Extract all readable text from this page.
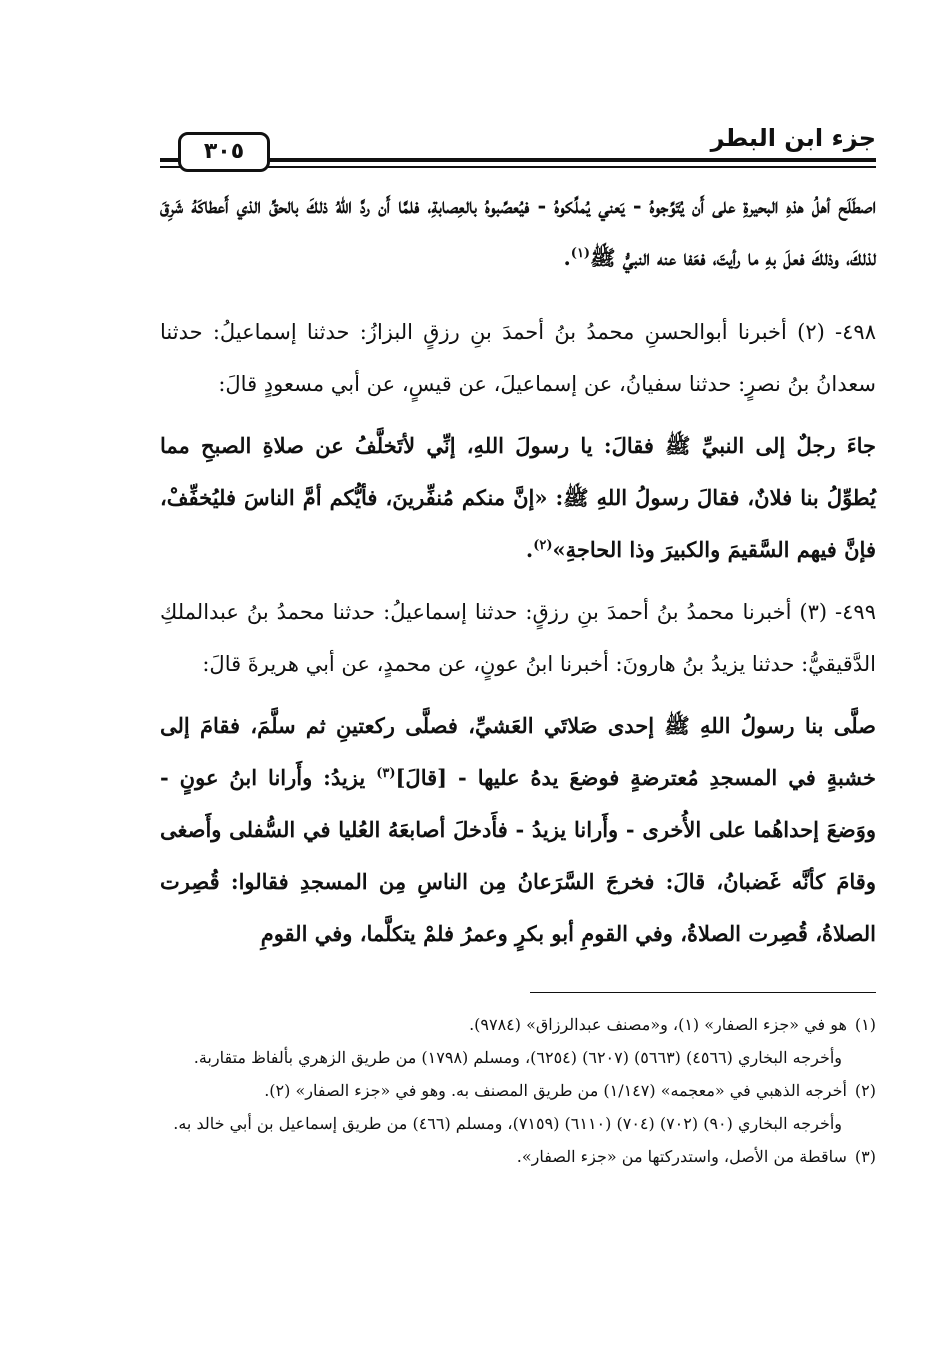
جزء ابن البطر
٣٠٥

اصطَلَح أهلُ هذهِ البحيرةِ على أَن يُتَوِّجوهُ - يَعني يُملِّكوهُ - فيُعصِّبوهُ بالعِصابةِ، فلمَّا أَن ردَّ اللهُ ذلكَ بالحقِّ الذي أَعطاكَهُ شَرِقَ لذلكَ، وذلكَ فعلَ بهِ ما رأيتَ، فعَفا عنه النبيُّ ﷺ$^{(١)}$.

٤٩٨- (٢) أخبرنا أبوالحسنِ محمدُ بنُ أحمدَ بنِ رزقٍ البزازُ: حدثنا إسماعيلُ: حدثنا سعدانُ بنُ نصرٍ: حدثنا سفيانُ، عن إسماعيلَ، عن قيسٍ، عن أبي مسعودٍ قالَ:

جاءَ رجلٌ إلى النبيِّ ﷺ فقالَ: يا رسولَ اللهِ، إنِّي لأتَخلَّفُ عن صلاةِ الصبحِ مما يُطوِّلُ بنا فلانٌ، فقالَ رسولُ اللهِ ﷺ: «إنَّ منكم مُنفِّرينَ، فأيُّكم أمَّ الناسَ فليُخفِّفْ، فإنَّ فيهم السَّقيمَ والكبيرَ وذا الحاجةِ»$^{(٢)}$.

٤٩٩- (٣) أخبرنا محمدُ بنُ أحمدَ بنِ رزقٍ: حدثنا إسماعيلُ: حدثنا محمدُ بنُ عبدالملكِ الدَّقيقيُّ: حدثنا يزيدُ بنُ هارونَ: أخبرنا ابنُ عونٍ، عن محمدٍ، عن أبي هريرةَ قالَ:

صلَّى بنا رسولُ اللهِ ﷺ إحدى صَلاتَي العَشيِّ، فصلَّى ركعتينِ ثم سلَّمَ، فقامَ إلى خشبةٍ في المسجدِ مُعترضةٍ فوضعَ يدهُ عليها - [قالَ]$^{(٣)}$ يزيدُ: وأَرانا ابنُ عونٍ - ووَضعَ إحداهُما على الأُخرى - وأَرانا يزيدُ - فأَدخلَ أصابعَهُ العُليا في السُّفلى وأَصغى وقامَ كأنَّه غَضبانُ، قالَ: فخرجَ السَّرَعانُ مِن الناسِ مِن المسجدِ فقالوا: قُصِرت الصلاةُ، قُصِرت الصلاةُ، وفي القومِ أبو بكرٍ وعمرُ فلمْ يتكلَّما، وفي القومِ

(١)هو في «جزء الصفار» (١)، و«مصنف عبدالرزاق» (٩٧٨٤).

وأخرجه البخاري (٤٥٦٦) (٥٦٦٣) (٦٢٠٧) (٦٢٥٤)، ومسلم (١٧٩٨) من طريق الزهري بألفاظ متقاربة.

(٢)أخرجه الذهبي في «معجمه» (١/١٤٧) من طريق المصنف به. وهو في «جزء الصفار» (٢).

وأخرجه البخاري (٩٠) (٧٠٢) (٧٠٤) (٦١١٠) (٧١٥٩)، ومسلم (٤٦٦) من طريق إسماعيل بن أبي خالد به.

(٣)ساقطة من الأصل، واستدركتها من «جزء الصفار».
